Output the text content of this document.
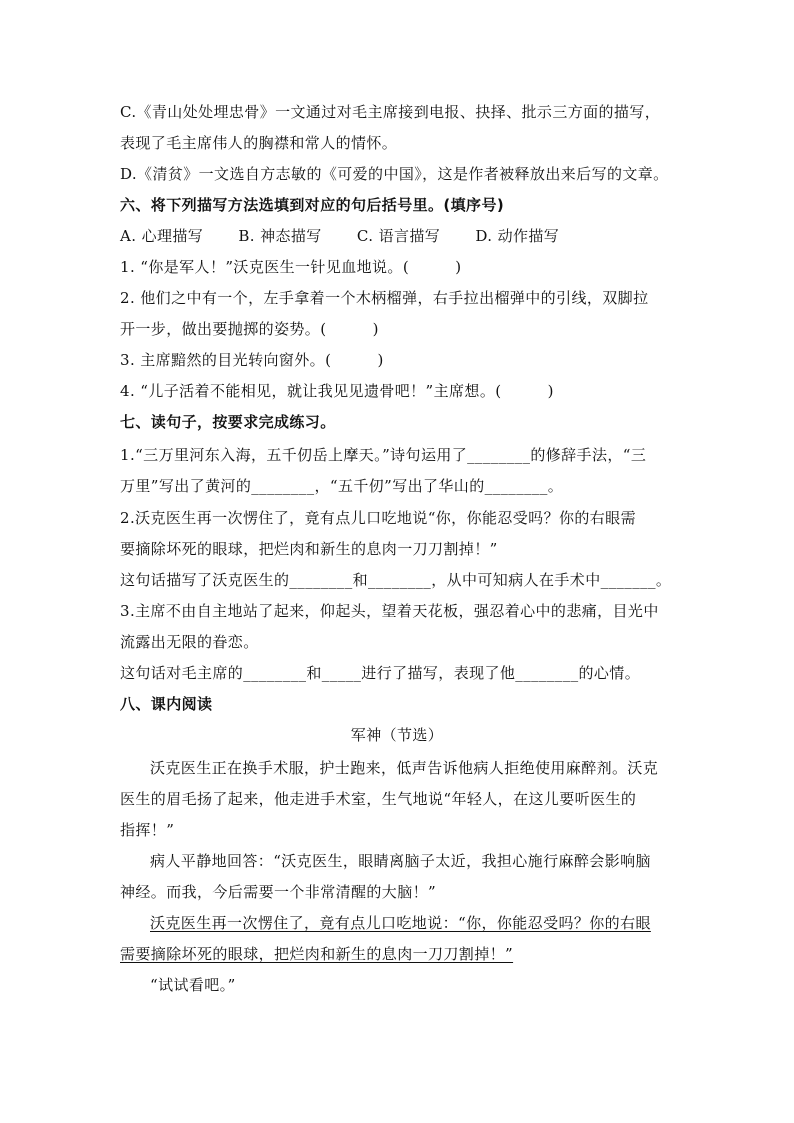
C.《青山处处埋忠骨》一文通过对毛主席接到电报、抉择、批示三方面的描写，
表现了毛主席伟人的胸襟和常人的情怀。
D.《清贫》一文选自方志敏的《可爱的中国》，这是作者被释放出来后写的文章。
六、将下列描写方法选填到对应的句后括号里。(填序号)
A. 心理描写 B. 神态描写 C. 语言描写 D. 动作描写
1. “你是军人！”沃克医生一针见血地说。(　　　)
2. 他们之中有一个，左手拿着一个木柄榴弹，右手拉出榴弹中的引线，双脚拉
开一步，做出要抛掷的姿势。(　　　)
3. 主席黯然的目光转向窗外。(　　　)
4. “儿子活着不能相见，就让我见见遗骨吧！”主席想。(　　　)
七、读句子，按要求完成练习。
1.“三万里河东入海，五千仞岳上摩天。”诗句运用了________的修辞手法，“三
万里”写出了黄河的________，“五千仞”写出了华山的________。
2.沃克医生再一次愣住了，竟有点儿口吃地说“你，你能忍受吗？你的右眼需
要摘除坏死的眼球，把烂肉和新生的息肉一刀刀割掉！”
这句话描写了沃克医生的________和________，从中可知病人在手术中_______。
3.主席不由自主地站了起来，仰起头，望着天花板，强忍着心中的悲痛，目光中
流露出无限的眷恋。
这句话对毛主席的________和_____进行了描写，表现了他________的心情。
八、课内阅读
军神（节选）
沃克医生正在换手术服，护士跑来，低声告诉他病人拒绝使用麻醉剂。沃克
医生的眉毛扬了起来，他走进手术室，生气地说“年轻人，在这儿要听医生的
指挥！”
病人平静地回答：“沃克医生，眼睛离脑子太近，我担心施行麻醉会影响脑
神经。而我，今后需要一个非常清醒的大脑！”
沃克医生再一次愣住了，竟有点儿口吃地说：“你，你能忍受吗？你的右眼
需要摘除坏死的眼球，把烂肉和新生的息肉一刀刀割掉！”
“试试看吧。”
